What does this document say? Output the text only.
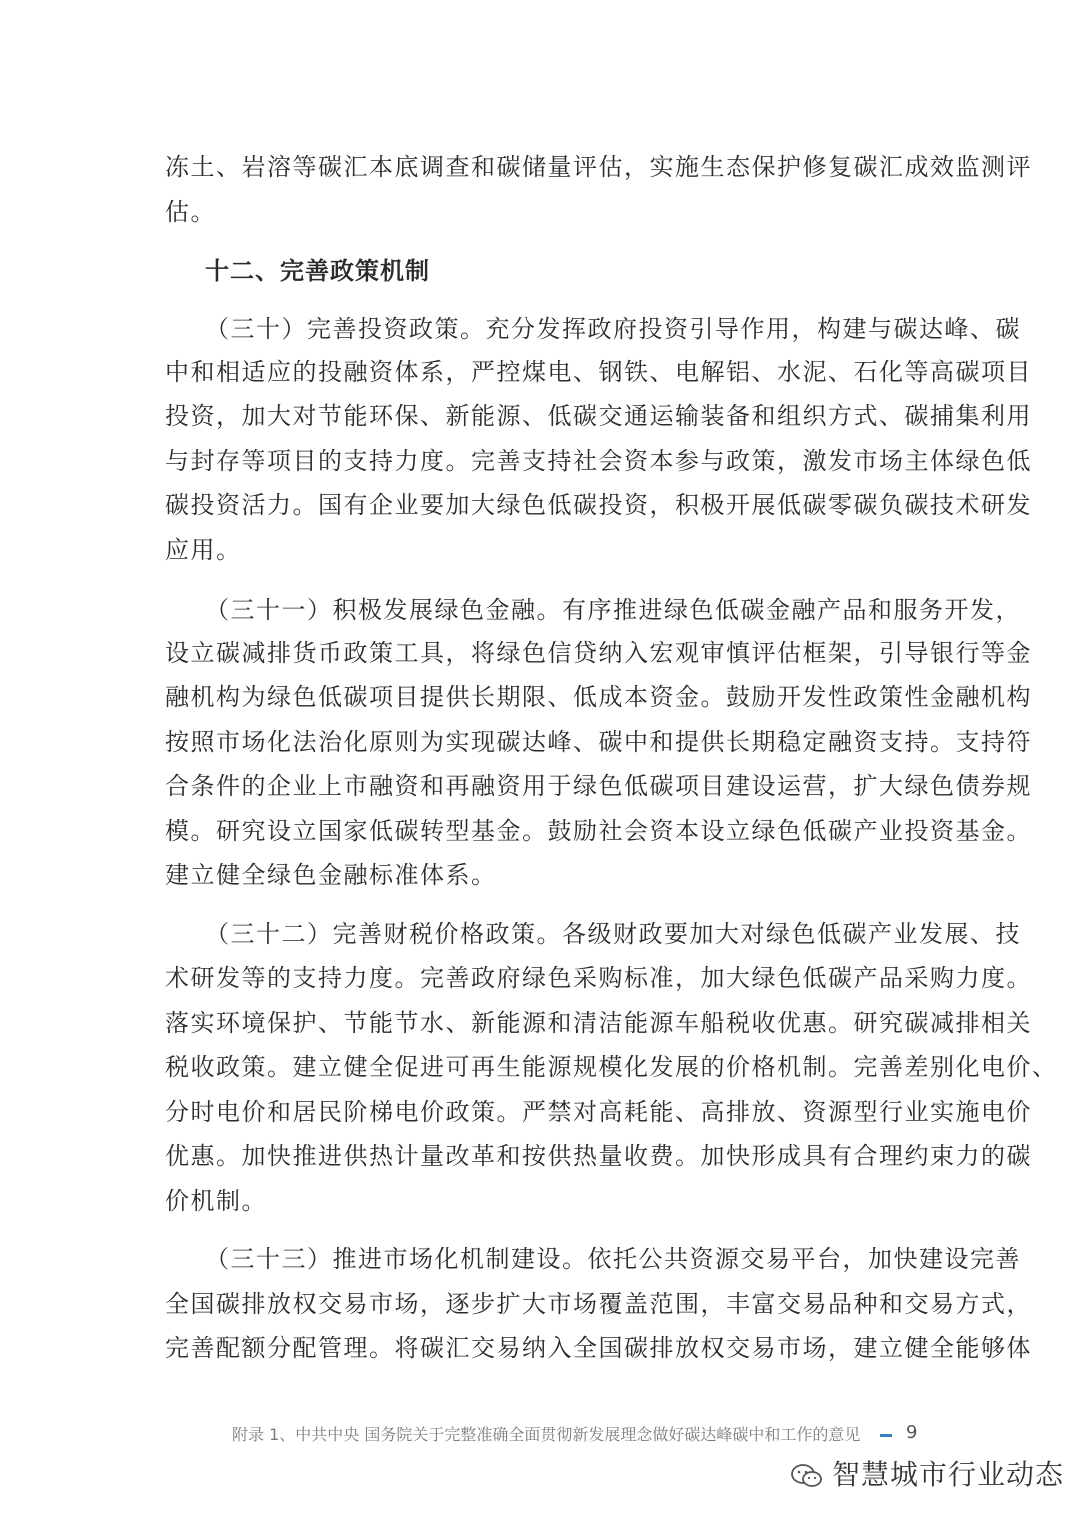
冻土、岩溶等碳汇本底调查和碳储量评估，实施生态保护修复碳汇成效监测评
估。
十二、完善政策机制
（三十）完善投资政策。充分发挥政府投资引导作用，构建与碳达峰、碳
中和相适应的投融资体系，严控煤电、钢铁、电解铝、水泥、石化等高碳项目
投资，加大对节能环保、新能源、低碳交通运输装备和组织方式、碳捕集利用
与封存等项目的支持力度。完善支持社会资本参与政策，激发市场主体绿色低
碳投资活力。国有企业要加大绿色低碳投资，积极开展低碳零碳负碳技术研发
应用。
（三十一）积极发展绿色金融。有序推进绿色低碳金融产品和服务开发，
设立碳减排货币政策工具，将绿色信贷纳入宏观审慎评估框架，引导银行等金
融机构为绿色低碳项目提供长期限、低成本资金。鼓励开发性政策性金融机构
按照市场化法治化原则为实现碳达峰、碳中和提供长期稳定融资支持。支持符
合条件的企业上市融资和再融资用于绿色低碳项目建设运营，扩大绿色债券规
模。研究设立国家低碳转型基金。鼓励社会资本设立绿色低碳产业投资基金。
建立健全绿色金融标准体系。
（三十二）完善财税价格政策。各级财政要加大对绿色低碳产业发展、技
术研发等的支持力度。完善政府绿色采购标准，加大绿色低碳产品采购力度。
落实环境保护、节能节水、新能源和清洁能源车船税收优惠。研究碳减排相关
税收政策。建立健全促进可再生能源规模化发展的价格机制。完善差别化电价、
分时电价和居民阶梯电价政策。严禁对高耗能、高排放、资源型行业实施电价
优惠。加快推进供热计量改革和按供热量收费。加快形成具有合理约束力的碳
价机制。
（三十三）推进市场化机制建设。依托公共资源交易平台，加快建设完善
全国碳排放权交易市场，逐步扩大市场覆盖范围，丰富交易品种和交易方式，
完善配额分配管理。将碳汇交易纳入全国碳排放权交易市场，建立健全能够体
附录 1、中共中央 国务院关于完整准确全面贯彻新发展理念做好碳达峰碳中和工作的意见	9
智慧城市行业动态
